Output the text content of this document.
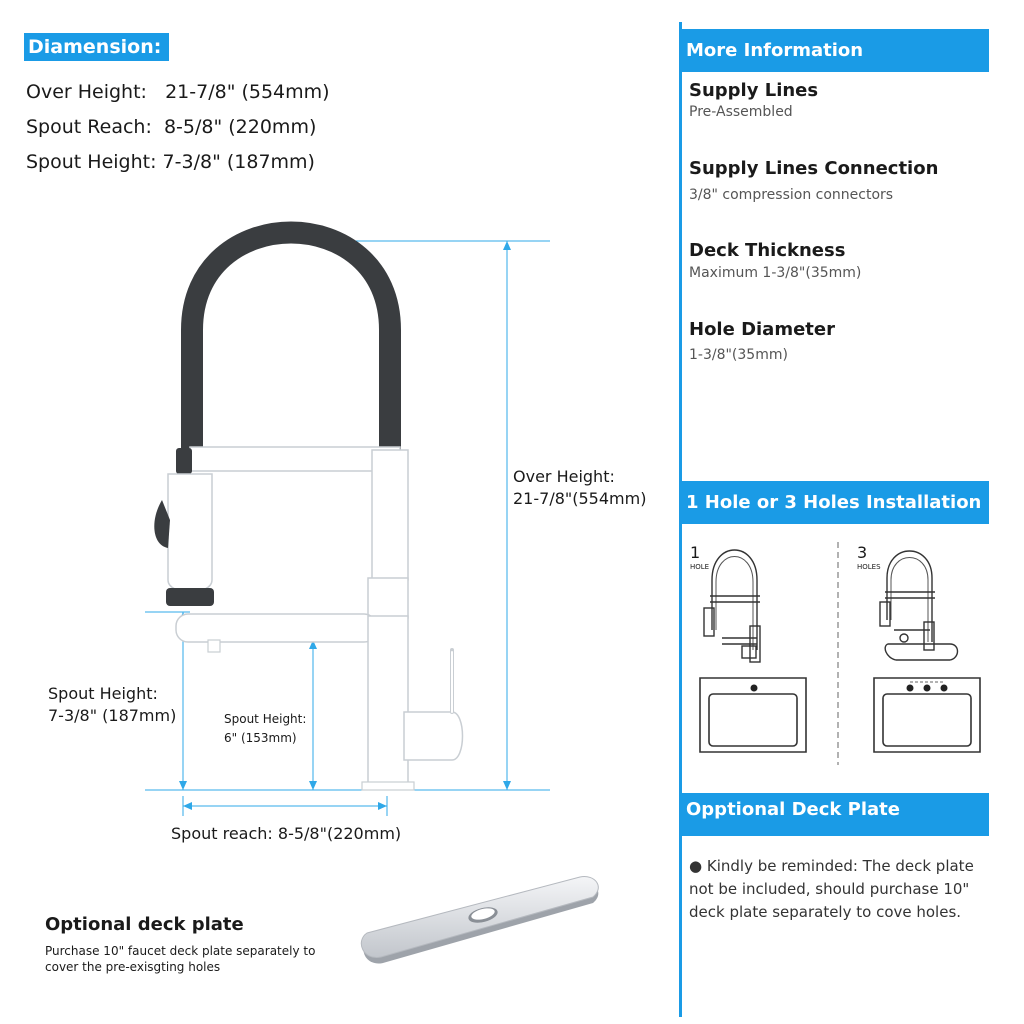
Diamension:
Over Height: 21-7/8" (554mm)
Spout Reach: 8-5/8" (220mm)
Spout Height: 7-3/8" (187mm)
Over Height:
21-7/8"(554mm)
Spout Height:
7-3/8" (187mm)	Spout Height:
6" (153mm)
Spout reach: 8-5/8"(220mm)
Optional deck plate
Purchase 10" faucet deck plate separately to
cover the pre-exisgting holes
More Information
Supply Lines
Pre-Assembled
Supply Lines Connection
3/8" compression connectors
Deck Thickness
Maximum 1-3/8"(35mm)
Hole Diameter
1-3/8"(35mm)
1 Hole or 3 Holes Installation
1
HOLE
3
HOLES
Opptional Deck Plate
● Kindly be reminded: The deck plate
not be included, should purchase 10"
deck plate separately to cove holes.
